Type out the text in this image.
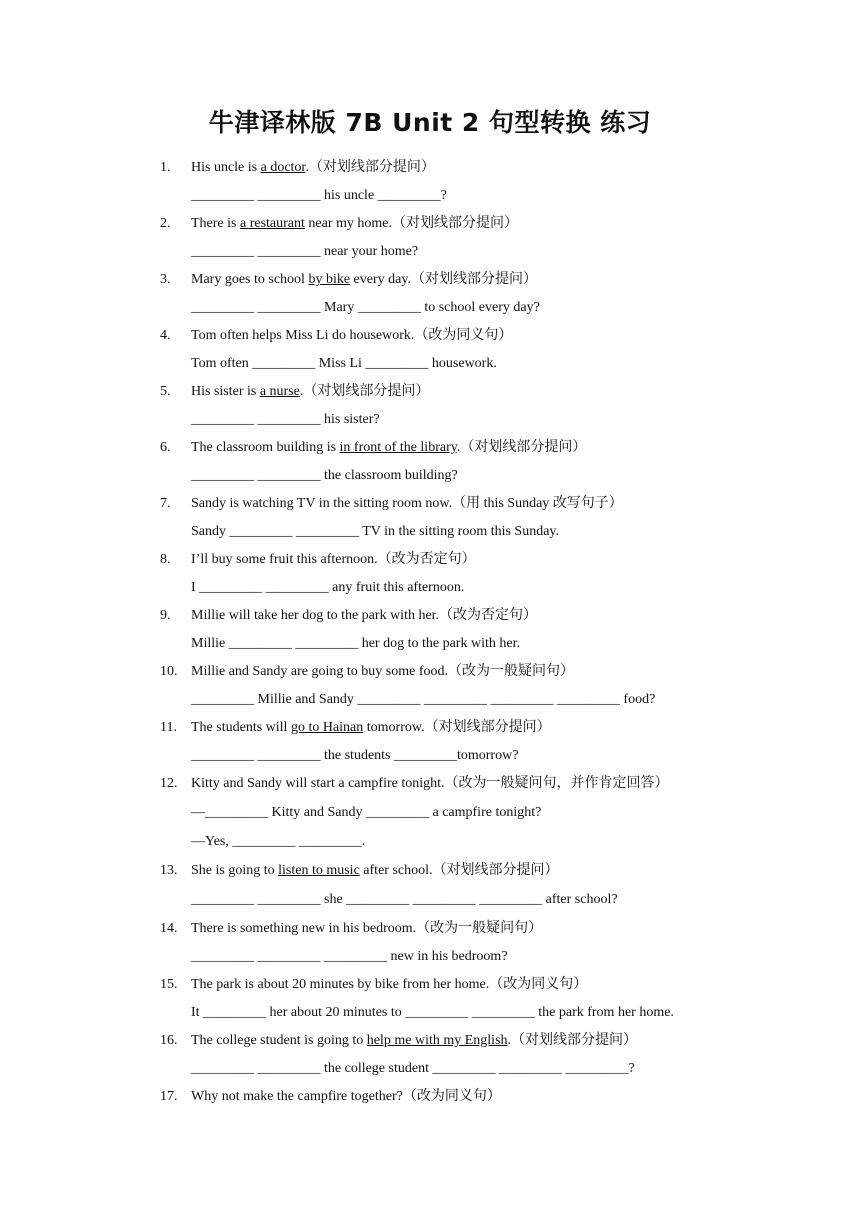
牛津译林版 7B Unit 2 句型转换 练习
1. His uncle is a doctor.（对划线部分提问）
_________ _________ his uncle _________?
2. There is a restaurant near my home.（对划线部分提问）
_________ _________ near your home?
3. Mary goes to school by bike every day.（对划线部分提问）
_________ _________ Mary _________ to school every day?
4. Tom often helps Miss Li do housework.（改为同义句）
Tom often _________ Miss Li _________ housework.
5. His sister is a nurse.（对划线部分提问）
_________ _________ his sister?
6. The classroom building is in front of the library.（对划线部分提问）
_________ _________ the classroom building?
7. Sandy is watching TV in the sitting room now.（用 this Sunday 改写句子）
Sandy _________ _________ TV in the sitting room this Sunday.
8. I’ll buy some fruit this afternoon.（改为否定句）
I _________ _________ any fruit this afternoon.
9. Millie will take her dog to the park with her.（改为否定句）
Millie _________ _________ her dog to the park with her.
10. Millie and Sandy are going to buy some food.（改为一般疑问句）
_________ Millie and Sandy _________ _________ _________ _________ food?
11. The students will go to Hainan tomorrow.（对划线部分提问）
_________ _________ the students _________tomorrow?
12. Kitty and Sandy will start a campfire tonight.（改为一般疑问句，并作肯定回答）
—_________ Kitty and Sandy _________ a campfire tonight?
—Yes, _________ _________.
13. She is going to listen to music after school.（对划线部分提问）
_________ _________ she _________ _________ _________ after school?
14. There is something new in his bedroom.（改为一般疑问句）
_________ _________ _________ new in his bedroom?
15. The park is about 20 minutes by bike from her home.（改为同义句）
It _________ her about 20 minutes to _________ _________ the park from her home.
16. The college student is going to help me with my English.（对划线部分提问）
_________ _________ the college student _________ _________ _________?
17. Why not make the campfire together?（改为同义句）
